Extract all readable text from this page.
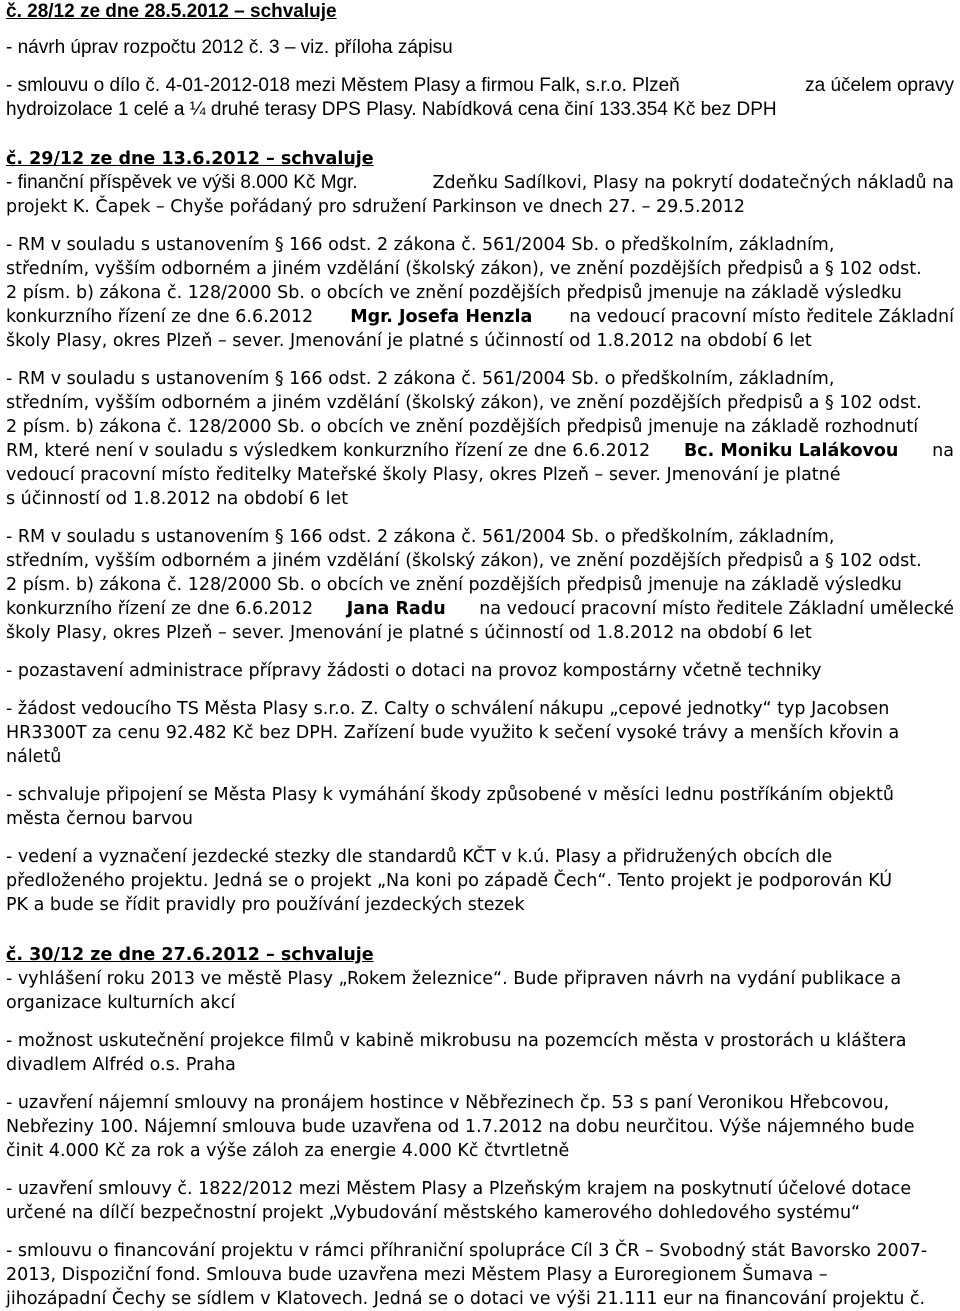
č. 28/12 ze dne 28.5.2012 – schvaluje
- návrh úprav rozpočtu 2012 č. 3 – viz. příloha zápisu
- smlouvu o dílo č. 4-01-2012-018 mezi Městem Plasy a firmou Falk, s.r.o. Plzeň	za účelem opravy
hydroizolace 1 celé a ¼ druhé terasy DPS Plasy. Nabídková cena činí 133.354 Kč bez DPH
č. 29/12 ze dne 13.6.2012 – schvaluje
- finanční příspěvek ve výši 8.000 Kč Mgr.	Zdeňku Sadílkovi, Plasy na pokrytí dodatečných nákladů na
projekt K. Čapek – Chyše pořádaný pro sdružení Parkinson ve dnech 27. – 29.5.2012
- RM v souladu s ustanovením § 166 odst. 2 zákona č. 561/2004 Sb. o předškolním, základním,
středním, vyšším odborném a jiném vzdělání (školský zákon), ve znění pozdějších předpisů a § 102 odst.
2 písm. b) zákona č. 128/2000 Sb. o obcích ve znění pozdějších předpisů jmenuje na základě výsledku
konkurzního řízení ze dne 6.6.2012 Mgr. Josefa Henzla na vedoucí pracovní místo ředitele Základní
školy Plasy, okres Plzeň – sever. Jmenování je platné s účinností od 1.8.2012 na období 6 let
- RM v souladu s ustanovením § 166 odst. 2 zákona č. 561/2004 Sb. o předškolním, základním,
středním, vyšším odborném a jiném vzdělání (školský zákon), ve znění pozdějších předpisů a § 102 odst.
2 písm. b) zákona č. 128/2000 Sb. o obcích ve znění pozdějších předpisů jmenuje na základě rozhodnutí
RM, které není v souladu s výsledkem konkurzního řízení ze dne 6.6.2012 Bc. Moniku Lalákovou na
vedoucí pracovní místo ředitelky Mateřské školy Plasy, okres Plzeň – sever. Jmenování je platné
s účinností od 1.8.2012 na období 6 let
- RM v souladu s ustanovením § 166 odst. 2 zákona č. 561/2004 Sb. o předškolním, základním,
středním, vyšším odborném a jiném vzdělání (školský zákon), ve znění pozdějších předpisů a § 102 odst.
2 písm. b) zákona č. 128/2000 Sb. o obcích ve znění pozdějších předpisů jmenuje na základě výsledku
konkurzního řízení ze dne 6.6.2012 Jana Radu na vedoucí pracovní místo ředitele Základní umělecké
školy Plasy, okres Plzeň – sever. Jmenování je platné s účinností od 1.8.2012 na období 6 let
- pozastavení administrace přípravy žádosti o dotaci na provoz kompostárny včetně techniky
- žádost vedoucího TS Města Plasy s.r.o. Z. Calty o schválení nákupu „cepové jednotky“ typ Jacobsen
HR3300T za cenu 92.482 Kč bez DPH. Zařízení bude využito k sečení vysoké trávy a menších křovin a
náletů
- schvaluje připojení se Města Plasy k vymáhání škody způsobené v měsíci lednu postříkáním objektů
města černou barvou
- vedení a vyznačení jezdecké stezky dle standardů KČT v k.ú. Plasy a přidružených obcích dle
předloženého projektu. Jedná se o projekt „Na koni po západě Čech“. Tento projekt je podporován KÚ
PK a bude se řídit pravidly pro používání jezdeckých stezek
č. 30/12 ze dne 27.6.2012 – schvaluje
- vyhlášení roku 2013 ve městě Plasy „Rokem železnice“. Bude připraven návrh na vydání publikace a
organizace kulturních akcí
- možnost uskutečnění projekce filmů v kabině mikrobusu na pozemcích města v prostorách u kláštera
divadlem Alfréd o.s. Praha
- uzavření nájemní smlouvy na pronájem hostince v Něbřezinech čp. 53 s paní Veronikou Hřebcovou,
Nebřeziny 100. Nájemní smlouva bude uzavřena od 1.7.2012 na dobu neurčitou. Výše nájemného bude
činit 4.000 Kč za rok a výše záloh za energie 4.000 Kč čtvrtletně
- uzavření smlouvy č. 1822/2012 mezi Městem Plasy a Plzeňským krajem na poskytnutí účelové dotace
určené na dílčí bezpečnostní projekt „Vybudování městského kamerového dohledového systému“
- smlouvu o financování projektu v rámci příhraniční spolupráce Cíl 3 ČR – Svobodný stát Bavorsko 2007-
2013, Dispoziční fond. Smlouva bude uzavřena mezi Městem Plasy a Euroregionem Šumava –
jihozápadní Čechy se sídlem v Klatovech. Jedná se o dotaci ve výši 21.111 eur na financování projektu č.
